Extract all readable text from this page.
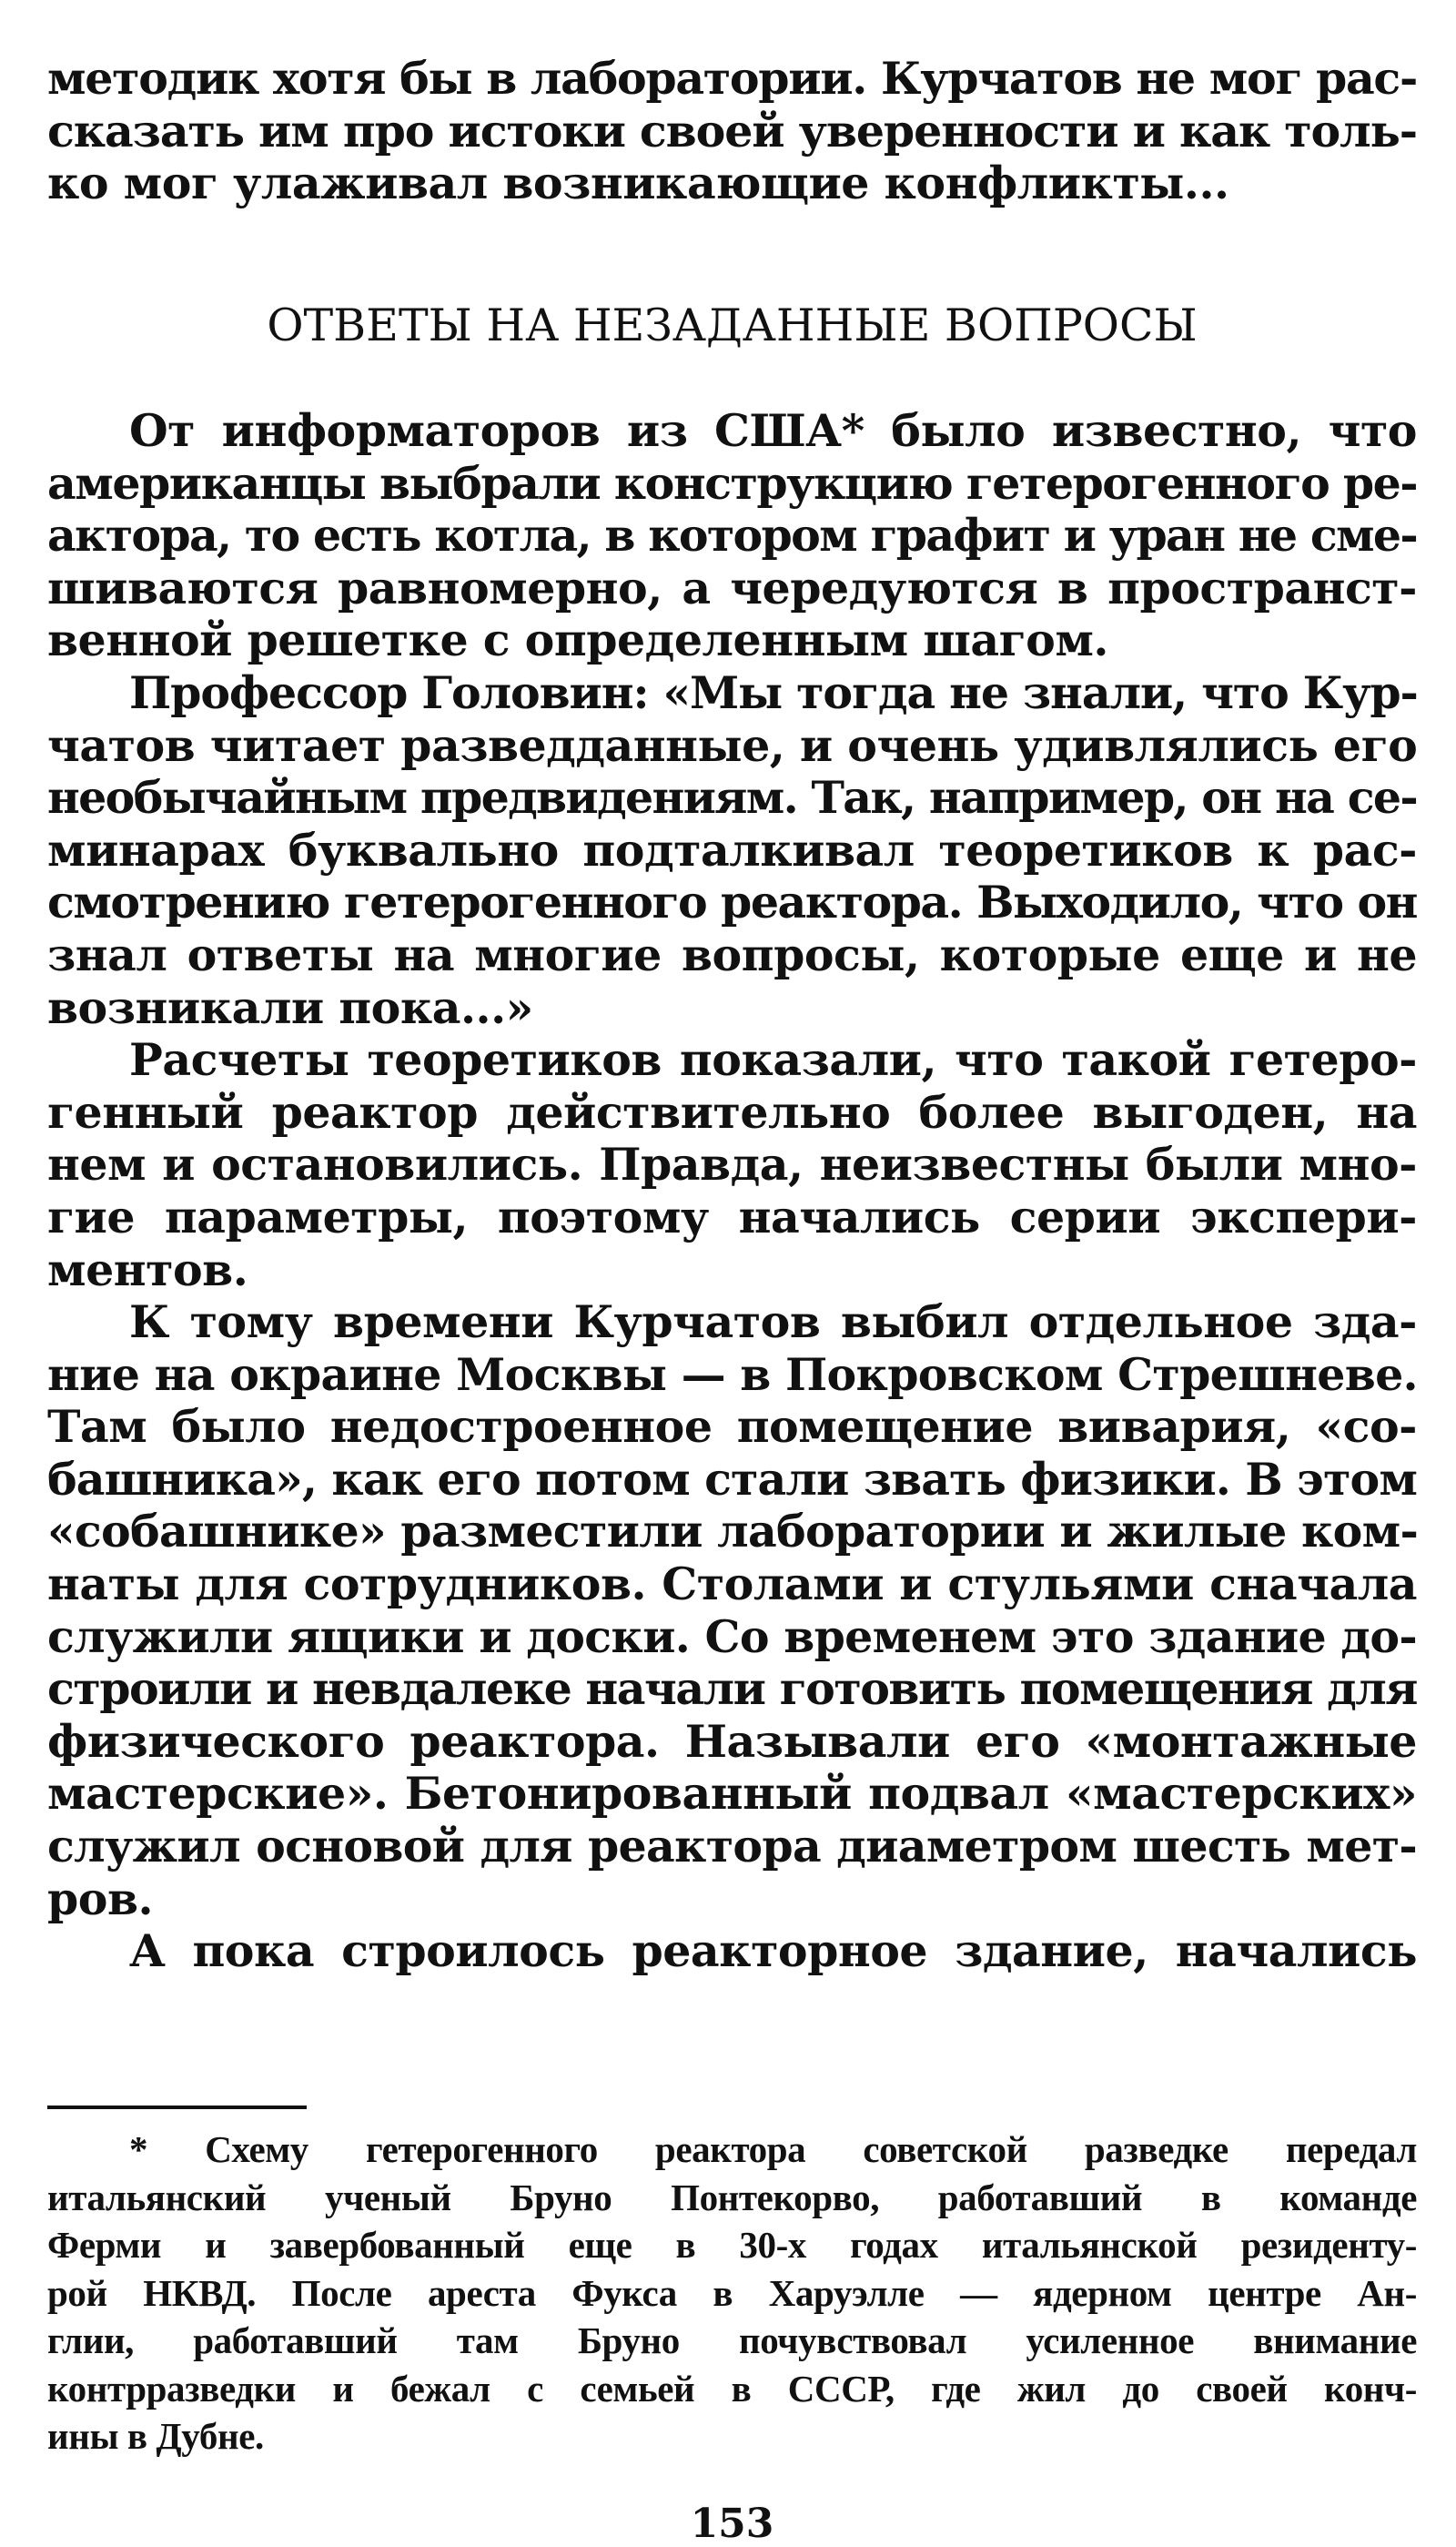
методик хотя бы в лаборатории. Курчатов не мог рас-
сказать им про истоки своей уверенности и как толь-
ко мог улаживал возникающие конфликты...
ОТВЕТЫ НА НЕЗАДАННЫЕ ВОПРОСЫ
От информаторов из США* было известно, что
американцы выбрали конструкцию гетерогенного ре-
актора, то есть котла, в котором графит и уран не сме-
шиваются равномерно, а чередуются в пространст-
венной решетке с определенным шагом.
Профессор Головин: «Мы тогда не знали, что Кур-
чатов читает разведданные, и очень удивлялись его
необычайным предвидениям. Так, например, он на се-
минарах буквально подталкивал теоретиков к рас-
смотрению гетерогенного реактора. Выходило, что он
знал ответы на многие вопросы, которые еще и не
возникали пока...»
Расчеты теоретиков показали, что такой гетеро-
генный реактор действительно более выгоден, на
нем и остановились. Правда, неизвестны были мно-
гие параметры, поэтому начались серии экспери-
ментов.
К тому времени Курчатов выбил отдельное зда-
ние на окраине Москвы — в Покровском Стрешневе.
Там было недостроенное помещение вивария, «со-
башника», как его потом стали звать физики. В этом
«собашнике» разместили лаборатории и жилые ком-
наты для сотрудников. Столами и стульями сначала
служили ящики и доски. Со временем это здание до-
строили и невдалеке начали готовить помещения для
физического реактора. Называли его «монтажные
мастерские». Бетонированный подвал «мастерских»
служил основой для реактора диаметром шесть мет-
ров.
А пока строилось реакторное здание, начались
* Схему гетерогенного реактора советской разведке передал
итальянский ученый Бруно Понтекорво, работавший в команде
Ферми и завербованный еще в 30-х годах итальянской резиденту-
рой НКВД. После ареста Фукса в Харуэлле — ядерном центре Ан-
глии, работавший там Бруно почувствовал усиленное внимание
контрразведки и бежал с семьей в СССР, где жил до своей конч-
ины в Дубне.
153
